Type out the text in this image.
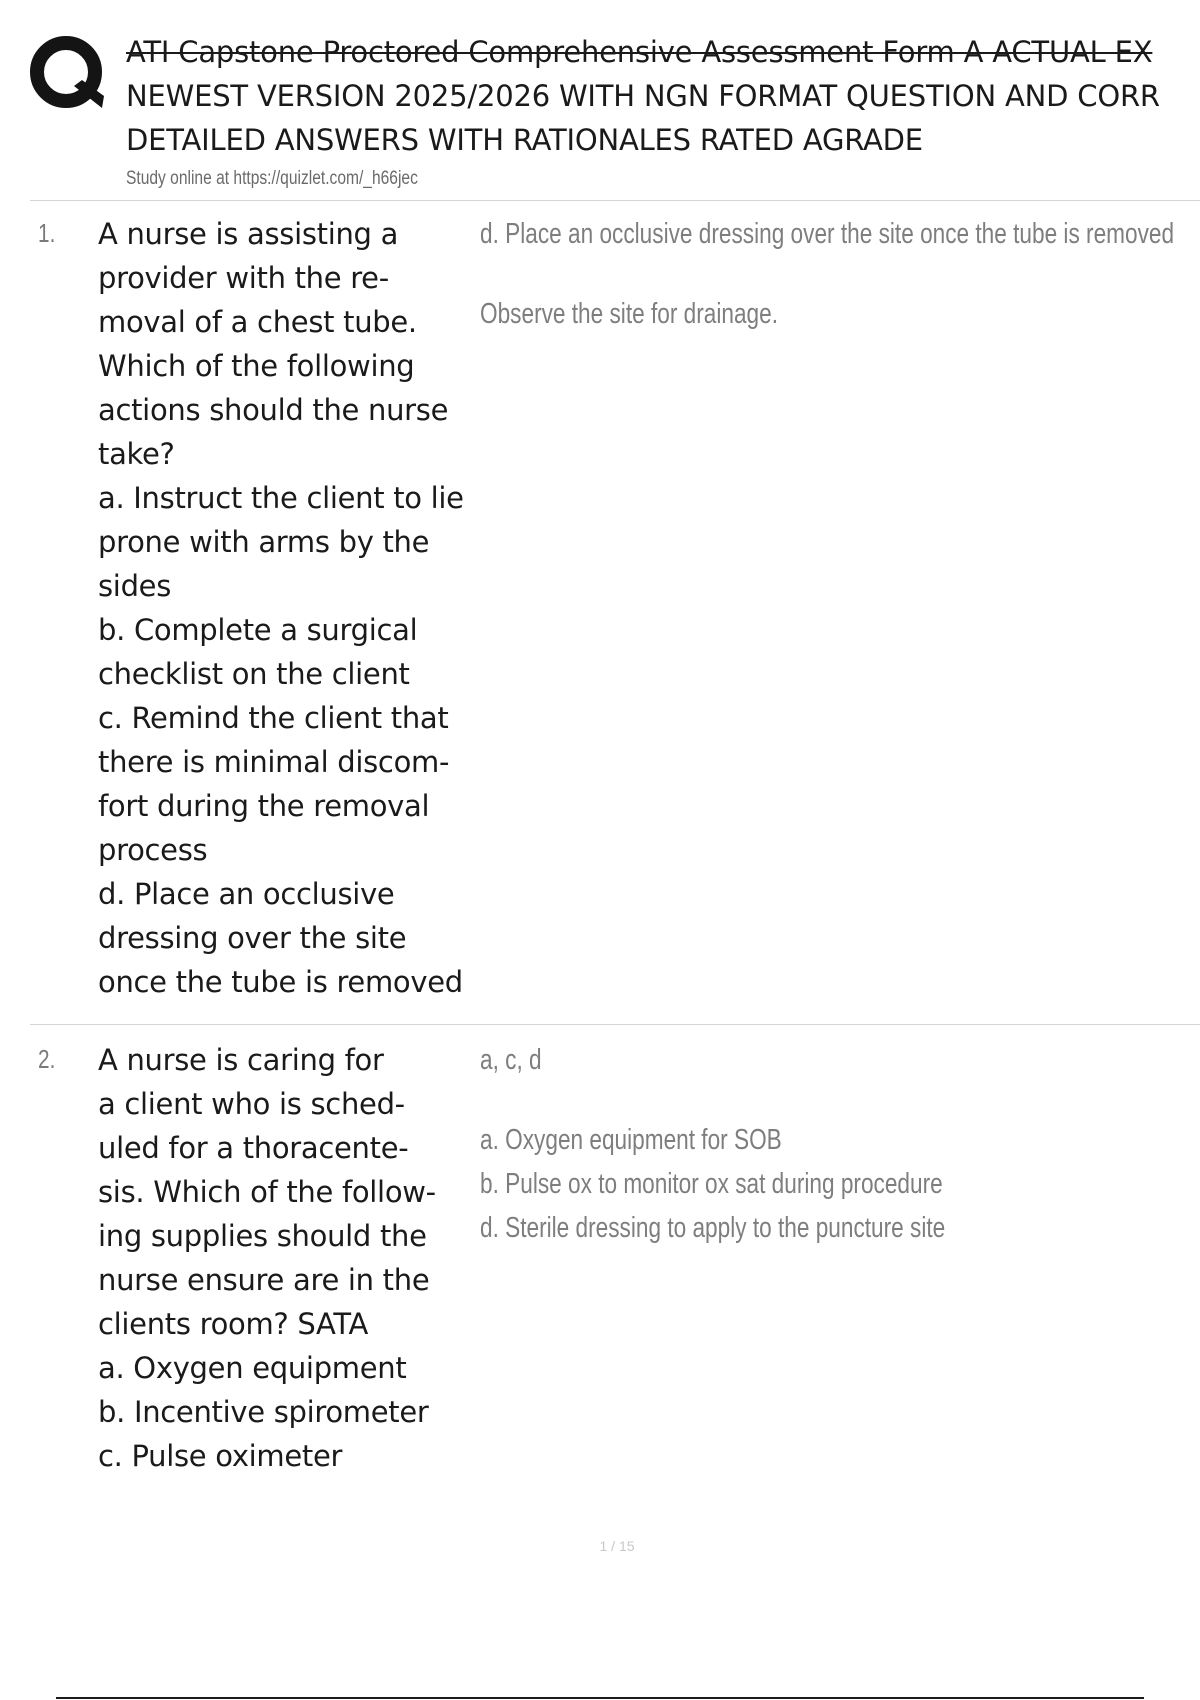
ATI Capstone Proctored Comprehensive Assessment Form A ACTUAL EX
NEWEST VERSION 2025/2026 WITH NGN FORMAT QUESTION AND CORR
DETAILED ANSWERS WITH RATIONALES RATED AGRADE
Study online at https://quizlet.com/_h66jec
1. A nurse is assisting a
provider with the re-
moval of a chest tube.
Which of the following
actions should the nurse
take?
a. Instruct the client to lie
prone with arms by the
sides
b. Complete a surgical
checklist on the client
c. Remind the client that
there is minimal discom-
fort during the removal
process
d. Place an occlusive
dressing over the site
once the tube is removed
d. Place an occlusive dressing over the site once the tube is removed
Observe the site for drainage.
2. A nurse is caring for
a client who is sched-
uled for a thoracente-
sis. Which of the follow-
ing supplies should the
nurse ensure are in the
clients room? SATA
a. Oxygen equipment
b. Incentive spirometer
c. Pulse oximeter
a, c, d
a. Oxygen equipment for SOB
b. Pulse ox to monitor ox sat during procedure
d. Sterile dressing to apply to the puncture site
1 / 15
